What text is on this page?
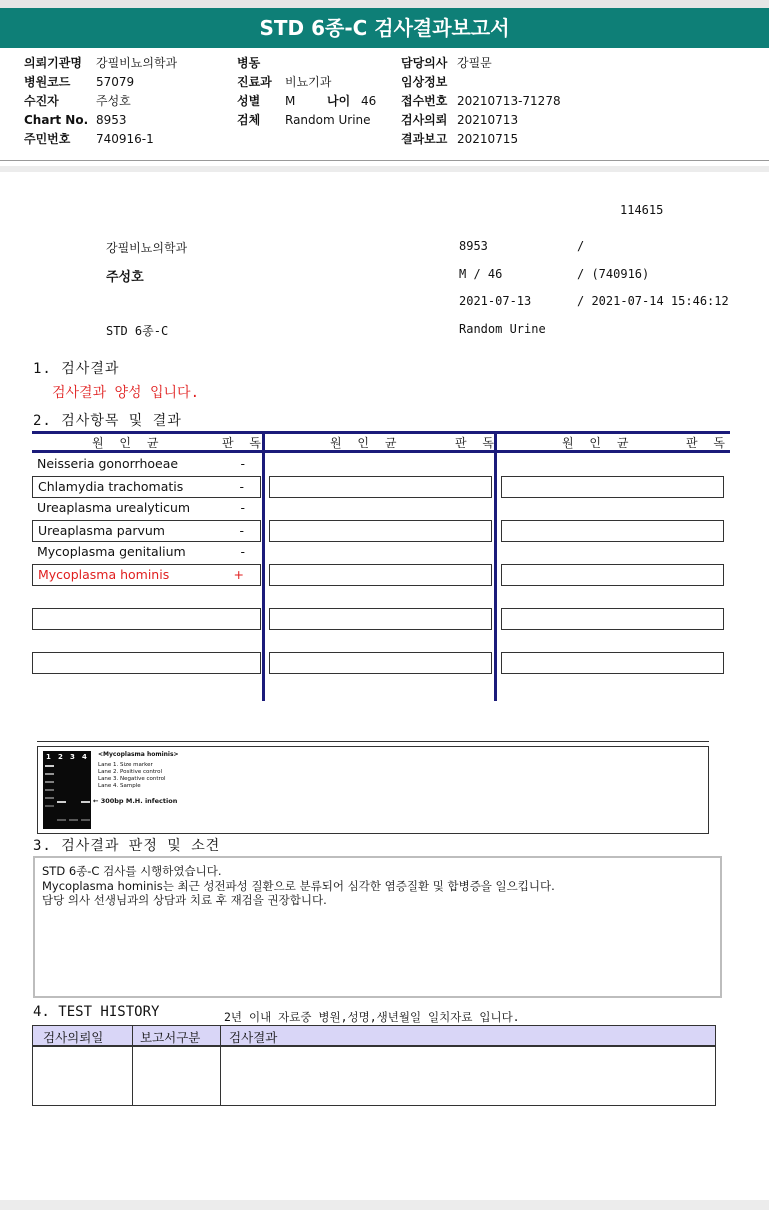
STD 6종-C 검사결과보고서
의뢰기관명 강필비뇨의학과
병원코드 57079
수진자	주성호
Chart No. 8953
주민번호 740916-1
병동
진료과 비뇨기과
성별 M	나이 46
검체 Random Urine
담당의사 강필문
임상정보
접수번호 20210713-71278
검사의뢰 20210713
결과보고 20210715
114615
강필비뇨의학과	8953	/
주성호	M / 46	/ (740916)
2021-07-13	/ 2021-07-14 15:46:12
STD 6종-C	Random Urine
1. 검사결과
검사결과 양성 입니다.
2. 검사항목 및 결과
원 인 균	판 독	원 인 균	판 독	원 인 균	판 독
Neisseria gonorrhoeae	-
Chlamydia trachomatis	-
Ureaplasma urealyticum	-
Ureaplasma parvum	-
Mycoplasma genitalium	-
Mycoplasma hominis	+
1 2 3 4 <Mycoplasma hominis>
Lane 1. Size marker
Lane 2. Positive control
Lane 3. Negative control
Lane 4. Sample
← 300bp M.H. infection
3. 검사결과 판정 및 소견
STD 6종-C 검사를 시행하였습니다.
Mycoplasma hominis는 최근 성전파성 질환으로 분류되어 심각한 염증질환 및 합병증을 일으킵니다.
담당 의사 선생님과의 상담과 치료 후 재검을 권장합니다.
4. TEST HISTORY	2년 이내 자료중 병원,성명,생년월일 일치자료 입니다.
검사의뢰일	보고서구분 검사결과
